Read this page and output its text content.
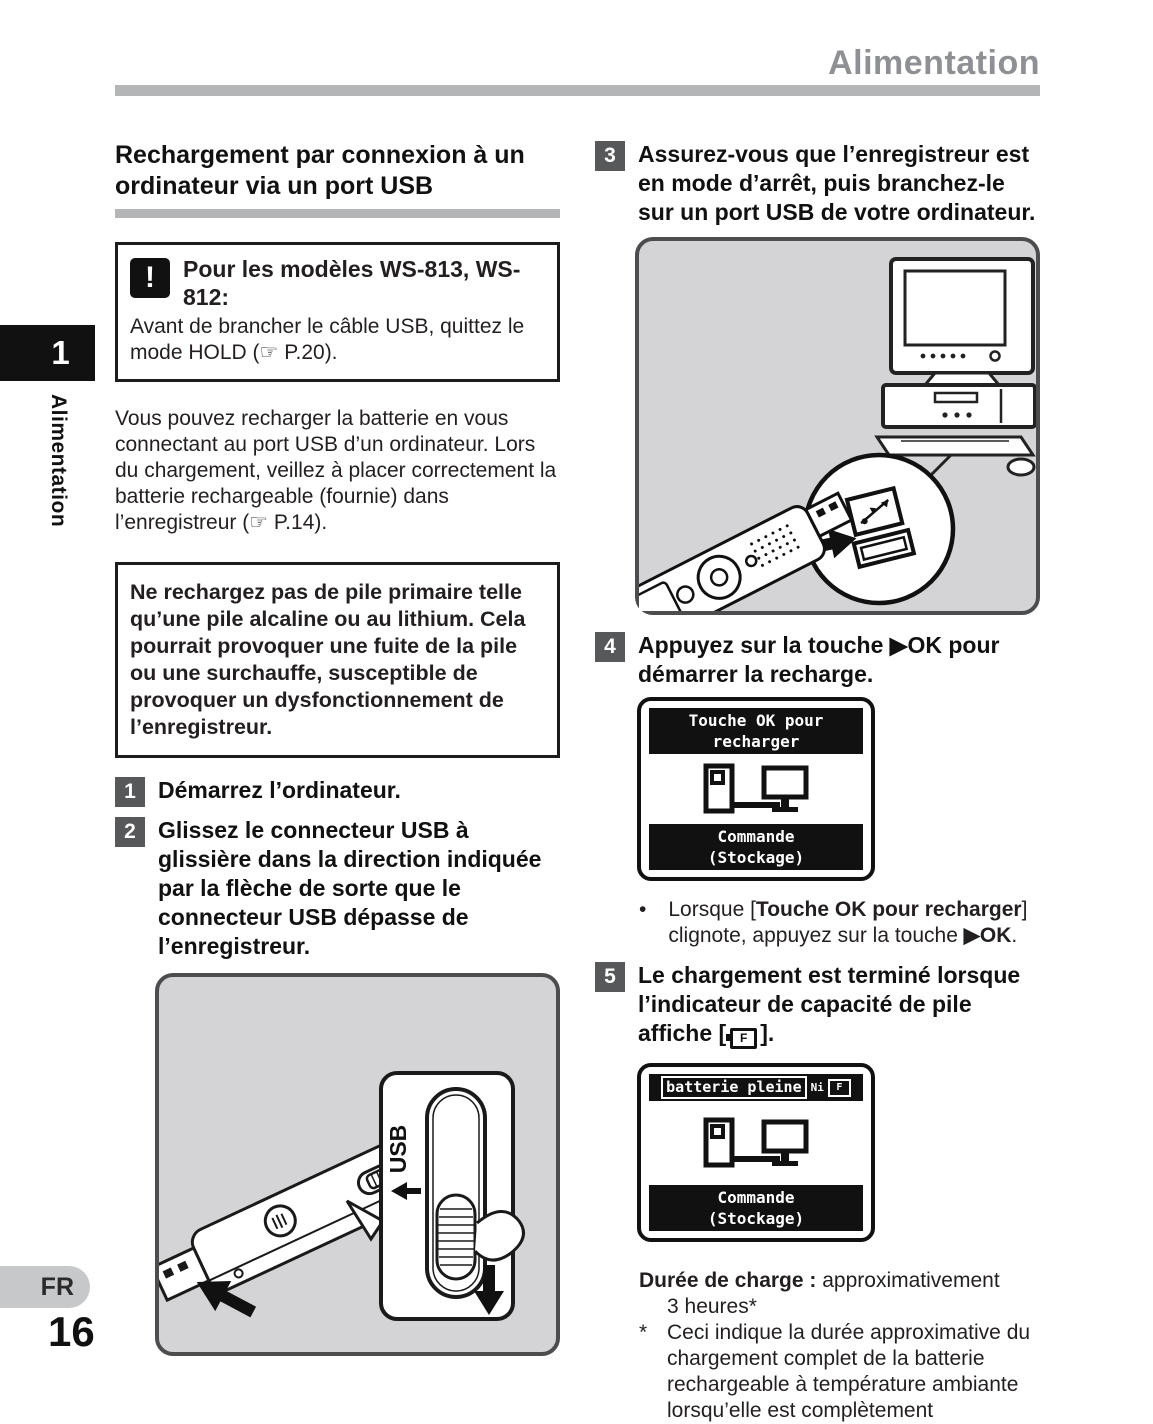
Alimentation
1
Alimentation
FR
16
Rechargement par connexion à un ordinateur via un port USB
!	Pour les modèles WS-813, WS-812:

Avant de brancher le câble USB, quittez le mode HOLD (☞ P.20).

Vous pouvez recharger la batterie en vous connectant au port USB d’un ordinateur. Lors du chargement, veillez à placer correctement la batterie rechargeable (fournie) dans l’enregistreur (☞ P.14).

Ne rechargez pas de pile primaire telle qu’une pile alcaline ou au lithium. Cela pourrait provoquer une fuite de la pile ou une surchauffe, susceptible de provoquer un dysfonctionnement de l’enregistreur.

1 Démarrez l’ordinateur.

2 Glissez le connecteur USB à glissière dans la direction indiquée par la flèche de sorte que le connecteur USB dépasse de l’enregistreur.

USB
3 Assurez-vous que l’enregistreur est en mode d’arrêt, puis branchez-le sur un port USB de votre ordinateur.

4 Appuyez sur la touche ▶OK pour démarrer la recharge.

Touche OK pour
recharger
Commande
(Stockage)
• Lorsque [Touche OK pour recharger] clignote, appuyez sur la touche ▶OK.

5 Le chargement est terminé lorsque l’indicateur de capacité de pile affiche [ F ].

batterie pleine Ni	F
Commande
(Stockage)

Durée de charge : approximativement

3 heures*

* Ceci indique la durée approximative du chargement complet de la batterie rechargeable à température ambiante lorsqu’elle est complètement
